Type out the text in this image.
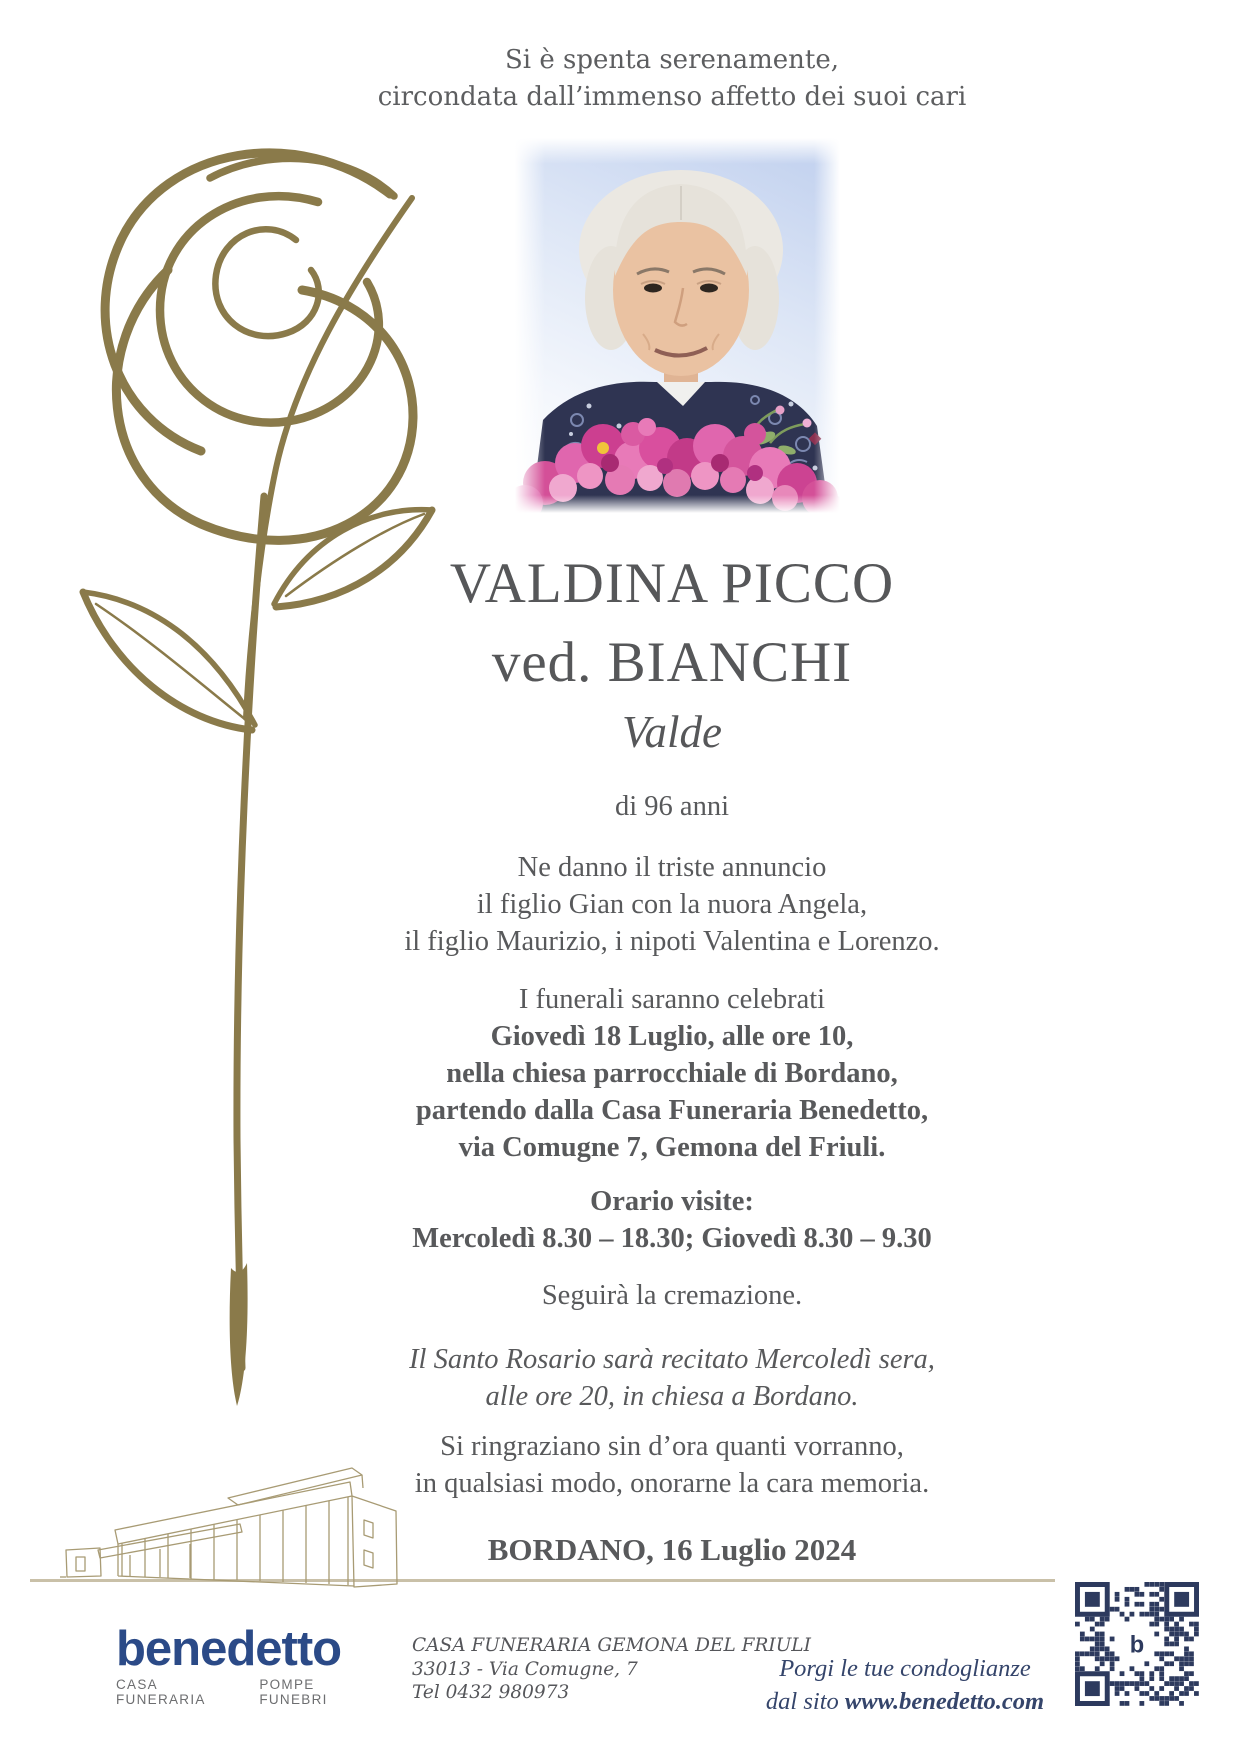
Si è spenta serenamente,
circondata dall’immenso affetto dei suoi cari
VALDINA PICCO
ved. BIANCHI
Valde
di 96 anni
Ne danno il triste annuncio
il figlio Gian con la nuora Angela,
il figlio Maurizio, i nipoti Valentina e Lorenzo.
I funerali saranno celebrati
Giovedì 18 Luglio, alle ore 10,
nella chiesa parrocchiale di Bordano,
partendo dalla Casa Funeraria Benedetto,
via Comugne 7, Gemona del Friuli.
Orario visite:
Mercoledì 8.30 – 18.30; Giovedì 8.30 – 9.30
Seguirà la cremazione.
Il Santo Rosario sarà recitato Mercoledì sera,
alle ore 20, in chiesa a Bordano.
Si ringraziano sin d’ora quanti vorranno,
in qualsiasi modo, onorarne la cara memoria.
BORDANO, 16 Luglio 2024
benedetto
CASA FUNERARIA
POMPE FUNEBRI
CASA FUNERARIA GEMONA DEL FRIULI
33013 - Via Comugne, 7
Tel 0432 980973
Porgi le tue condoglianze
dal sito www.benedetto.com
b
